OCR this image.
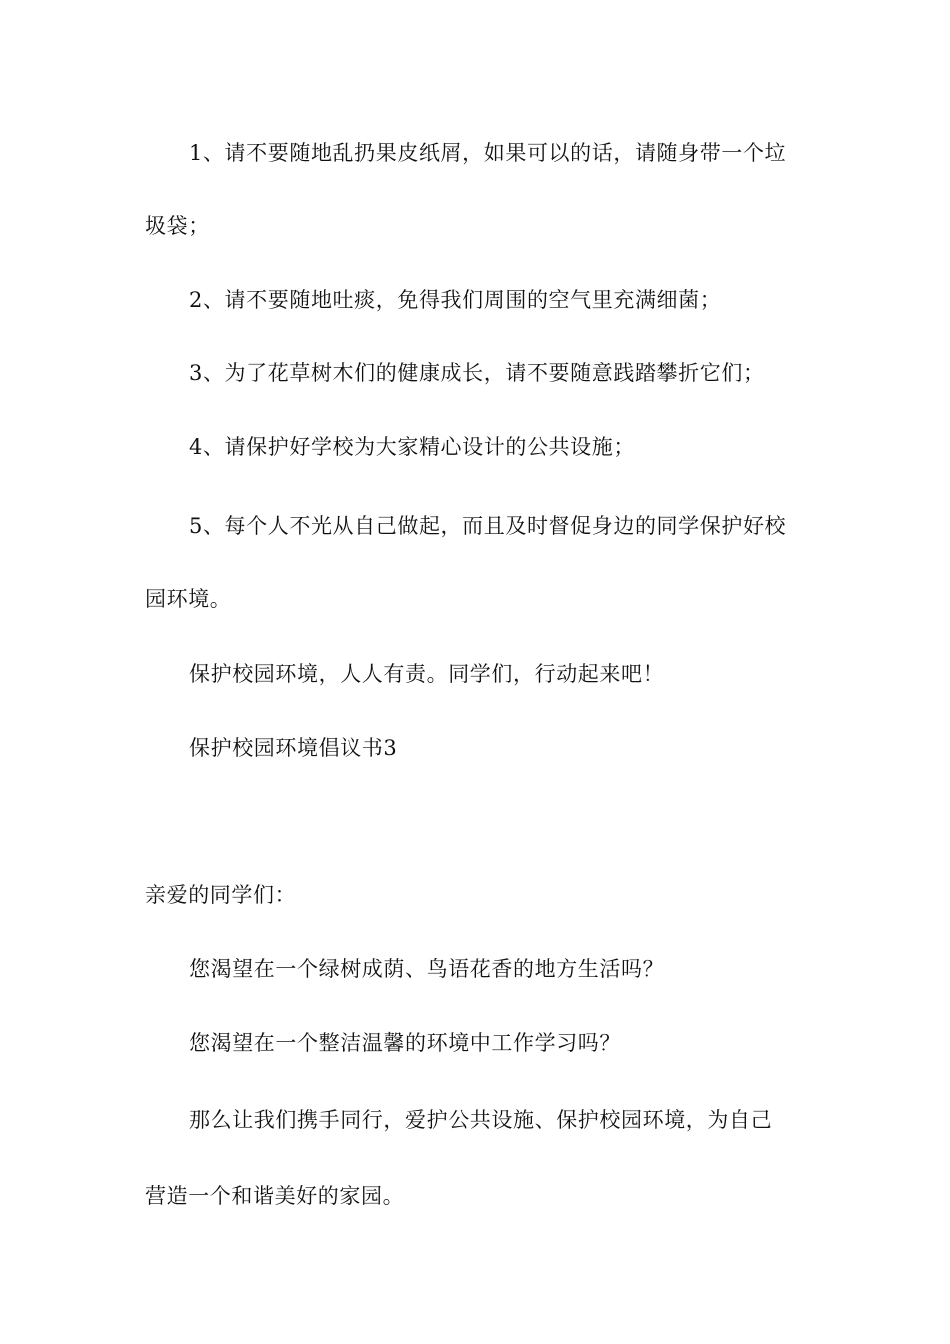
1、请不要随地乱扔果皮纸屑，如果可以的话，请随身带一个垃

圾袋；

2、请不要随地吐痰，免得我们周围的空气里充满细菌；

3、为了花草树木们的健康成长，请不要随意践踏攀折它们；

4、请保护好学校为大家精心设计的公共设施；

5、每个人不光从自己做起，而且及时督促身边的同学保护好校

园环境。

保护校园环境，人人有责。同学们，行动起来吧！

保护校园环境倡议书3

亲爱的同学们：

您渴望在一个绿树成荫、鸟语花香的地方生活吗？

您渴望在一个整洁温馨的环境中工作学习吗？

那么让我们携手同行，爱护公共设施、保护校园环境，为自己

营造一个和谐美好的家园。
